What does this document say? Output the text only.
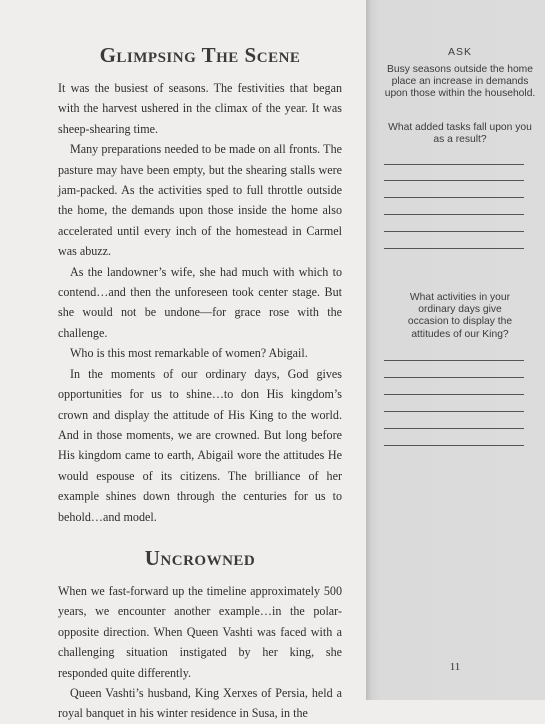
Glimpsing The Scene

It was the busiest of seasons. The festivities that began with the harvest ushered in the climax of the year. It was sheep-shearing time.

Many preparations needed to be made on all fronts. The pasture may have been empty, but the shearing stalls were jam-packed. As the activities sped to full throttle outside the home, the demands upon those inside the home also accelerated until every inch of the homestead in Carmel was abuzz.

As the landowner’s wife, she had much with which to contend…and then the unforeseen took center stage. But she would not be undone—for grace rose with the challenge.

Who is this most remarkable of women? Abigail.

In the moments of our ordinary days, God gives opportunities for us to shine…to don His kingdom’s crown and display the attitude of His King to the world. And in those moments, we are crowned. But long before His kingdom came to earth, Abigail wore the attitudes He would espouse of its citizens. The brilliance of her example shines down through the centuries for us to behold…and model.

Uncrowned

When we fast-forward up the timeline approximately 500 years, we encounter another example…in the polar-opposite direction. When Queen Vashti was faced with a challenging situation instigated by her king, she responded quite differently.

Queen Vashti’s husband, King Xerxes of Persia, held a royal banquet in his winter residence in Susa, in the

ASK
Busy seasons outside the home place an increase in demands upon those within the household.
What added tasks fall upon you as a result?
What activities in your ordinary days give occasion to display the attitudes of our King?
11
